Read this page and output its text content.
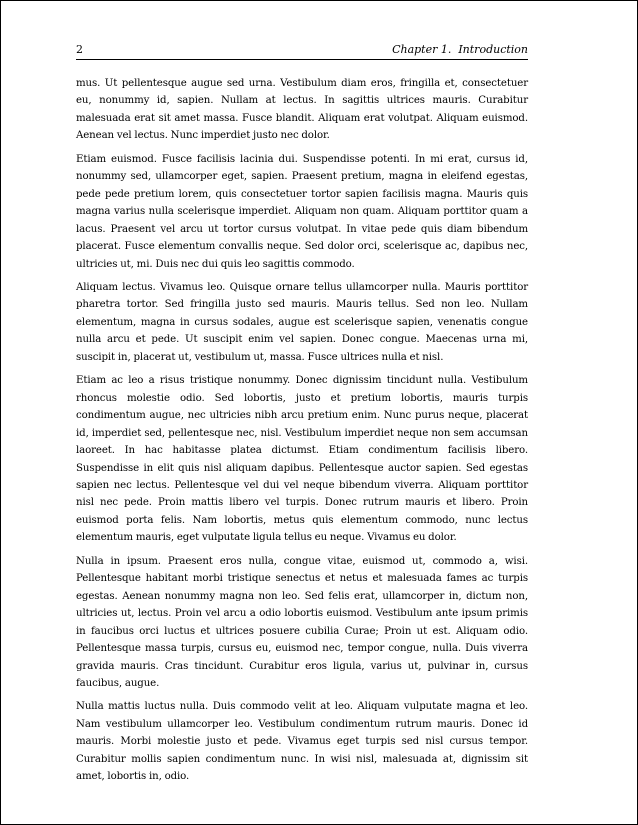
2	Chapter 1.  Introduction

mus. Ut pellentesque augue sed urna. Vestibulum diam eros, fringilla et, consectetuer eu, nonummy id, sapien. Nullam at lectus. In sagittis ultrices mauris. Curabitur malesuada erat sit amet massa. Fusce blandit. Aliquam erat volutpat. Aliquam euismod. Aenean vel lectus. Nunc imperdiet justo nec dolor.

Etiam euismod. Fusce facilisis lacinia dui. Suspendisse potenti. In mi erat, cursus id, nonummy sed, ullamcorper eget, sapien. Praesent pretium, magna in eleifend egestas, pede pede pretium lorem, quis consectetuer tortor sapien facilisis magna. Mauris quis magna varius nulla scelerisque imperdiet. Aliquam non quam. Aliquam porttitor quam a lacus. Praesent vel arcu ut tortor cursus volutpat. In vitae pede quis diam bibendum placerat. Fusce elementum convallis neque. Sed dolor orci, scelerisque ac, dapibus nec, ultricies ut, mi. Duis nec dui quis leo sagittis commodo.

Aliquam lectus. Vivamus leo. Quisque ornare tellus ullamcorper nulla. Mauris porttitor pharetra tortor. Sed fringilla justo sed mauris. Mauris tellus. Sed non leo. Nullam elementum, magna in cursus sodales, augue est scelerisque sapien, venenatis congue nulla arcu et pede. Ut suscipit enim vel sapien. Donec congue. Maecenas urna mi, suscipit in, placerat ut, vestibulum ut, massa. Fusce ultrices nulla et nisl.

Etiam ac leo a risus tristique nonummy. Donec dignissim tincidunt nulla. Vestibulum rhoncus molestie odio. Sed lobortis, justo et pretium lobortis, mauris turpis condimentum augue, nec ultricies nibh arcu pretium enim. Nunc purus neque, placerat id, imperdiet sed, pellentesque nec, nisl. Vestibulum imperdiet neque non sem accumsan laoreet. In hac habitasse platea dictumst. Etiam condimentum facilisis libero. Suspendisse in elit quis nisl aliquam dapibus. Pellentesque auctor sapien. Sed egestas sapien nec lectus. Pellentesque vel dui vel neque bibendum viverra. Aliquam porttitor nisl nec pede. Proin mattis libero vel turpis. Donec rutrum mauris et libero. Proin euismod porta felis. Nam lobortis, metus quis elementum commodo, nunc lectus elementum mauris, eget vulputate ligula tellus eu neque. Vivamus eu dolor.

Nulla in ipsum. Praesent eros nulla, congue vitae, euismod ut, commodo a, wisi. Pellentesque habitant morbi tristique senectus et netus et malesuada fames ac turpis egestas. Aenean nonummy magna non leo. Sed felis erat, ullamcorper in, dictum non, ultricies ut, lectus. Proin vel arcu a odio lobortis euismod. Vestibulum ante ipsum primis in faucibus orci luctus et ultrices posuere cubilia Curae; Proin ut est. Aliquam odio. Pellentesque massa turpis, cursus eu, euismod nec, tempor congue, nulla. Duis viverra gravida mauris. Cras tincidunt. Curabitur eros ligula, varius ut, pulvinar in, cursus faucibus, augue.

Nulla mattis luctus nulla. Duis commodo velit at leo. Aliquam vulputate magna et leo. Nam vestibulum ullamcorper leo. Vestibulum condimentum rutrum mauris. Donec id mauris. Morbi molestie justo et pede. Vivamus eget turpis sed nisl cursus tempor. Curabitur mollis sapien condimentum nunc. In wisi nisl, malesuada at, dignissim sit amet, lobortis in, odio.
